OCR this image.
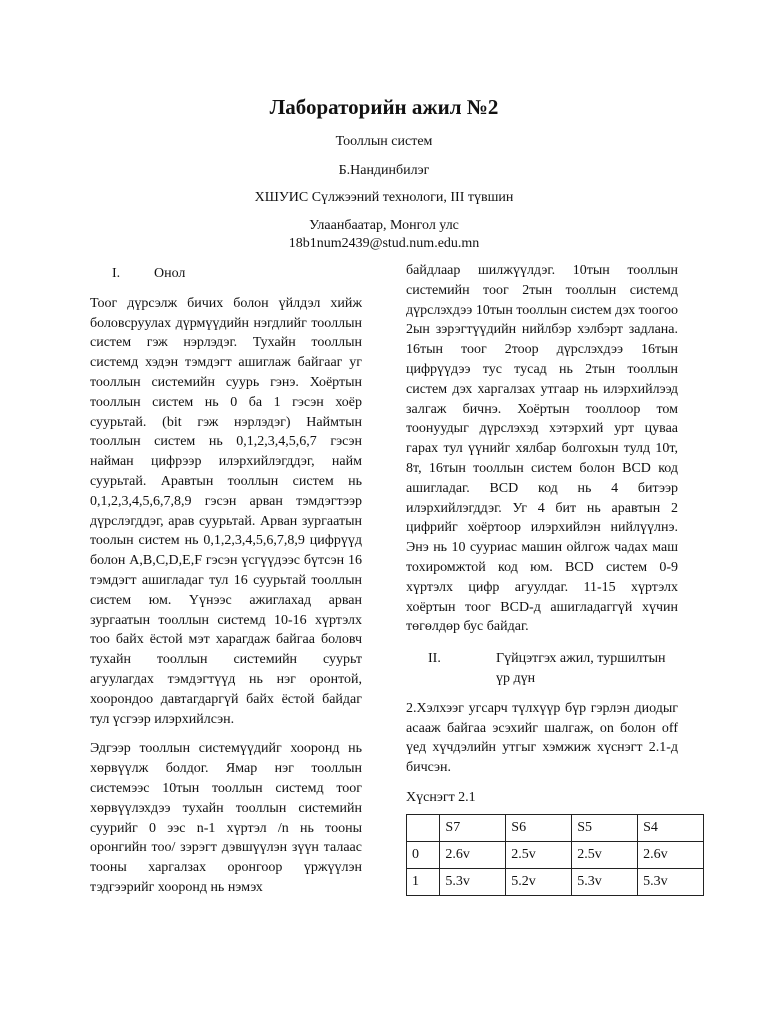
Лабораторийн ажил №2
Тооллын систем
Б.Нандинбилэг
ХШУИС Сүлжээний технологи, III түвшин
Улаанбаатар, Монгол улс
18b1num2439@stud.num.edu.mn
I.	Онол

Тоог дүрсэлж бичих болон үйлдэл хийж боловсруулах дүрмүүдийн нэгдлийг тооллын систем гэж нэрлэдэг. Тухайн тооллын системд хэдэн тэмдэгт ашиглаж байгааг уг тооллын системийн суурь гэнэ. Хоёртын тооллын систем нь 0 ба 1 гэсэн хоёр суурьтай. (bit гэж нэрлэдэг) Наймтын тооллын систем нь 0,1,2,3,4,5,6,7 гэсэн найман цифрээр илэрхийлэгддэг, найм суурьтай. Аравтын тооллын систем нь 0,1,2,3,4,5,6,7,8,9 гэсэн арван тэмдэгтээр дүрслэгддэг, арав суурьтай. Арван зургаатын тоолын систем нь 0,1,2,3,4,5,6,7,8,9 цифрүүд болон A,B,C,D,E,F гэсэн үсгүүдээс бүтсэн 16 тэмдэгт ашигладаг тул 16 суурьтай тооллын систем юм. Үүнээс ажиглахад арван зургаатын тооллын системд 10-16 хүртэлх тоо байх ёстой мэт харагдаж байгаа боловч тухайн тооллын системийн суурьт агуулагдах тэмдэгтүүд нь нэг оронтой, хоорондоо давтагдаргүй байх ёстой байдаг тул үсгээр илэрхийлсэн.

Эдгээр тооллын системүүдийг хооронд нь хөрвүүлж болдог. Ямар нэг тооллын системээс 10тын тооллын системд тоог хөрвүүлэхдээ тухайн тооллын системийн суурийг 0 ээс n-1 хүртэл /n нь тооны оронгийн тоо/ зэрэгт дэвшүүлэн зүүн талаас тооны харгалзах оронгоор үржүүлэн тэдгээрийг хооронд нь нэмэх

байдлаар шилжүүлдэг. 10тын тооллын системийн тоог 2тын тооллын системд дүрслэхдээ 10тын тооллын систем дэх тоогоо 2ын зэрэгтүүдийн нийлбэр хэлбэрт задлана. 16тын тоог 2тоор дүрслэхдээ 16тын цифрүүдээ тус тусад нь 2тын тооллын систем дэх харгалзах утгаар нь илэрхийлээд залгаж бичнэ. Хоёртын тооллоор том тоонуудыг дүрслэхэд хэтэрхий урт цуваа гарах тул үүнийг хялбар болгохын тулд 10т, 8т, 16тын тооллын систем болон BCD код ашигладаг. BCD код нь 4 битээр илэрхийлэгддэг. Уг 4 бит нь аравтын 2 цифрийг хоёртоор илэрхийлэн нийлүүлнэ. Энэ нь 10 сууриас машин ойлгож чадах маш тохиромжтой код юм. BCD систем 0-9 хүртэлх цифр агуулдаг. 11-15 хүртэлх хоёртын тоог BCD-д ашигладаггүй хүчин төгөлдөр бус байдаг.

II.	Гүйцэтгэх ажил, туршилтын үр дүн

2.Хэлхээг угсарч түлхүүр бүр гэрлэн диодыг асааж байгаа эсэхийг шалгаж, on болон off үед хүчдэлийн утгыг хэмжиж хүснэгт 2.1-д бичсэн.

Хүснэгт 2.1

	S7	S6	S5	S4
0	2.6v	2.5v	2.5v	2.6v
1	5.3v	5.2v	5.3v	5.3v
